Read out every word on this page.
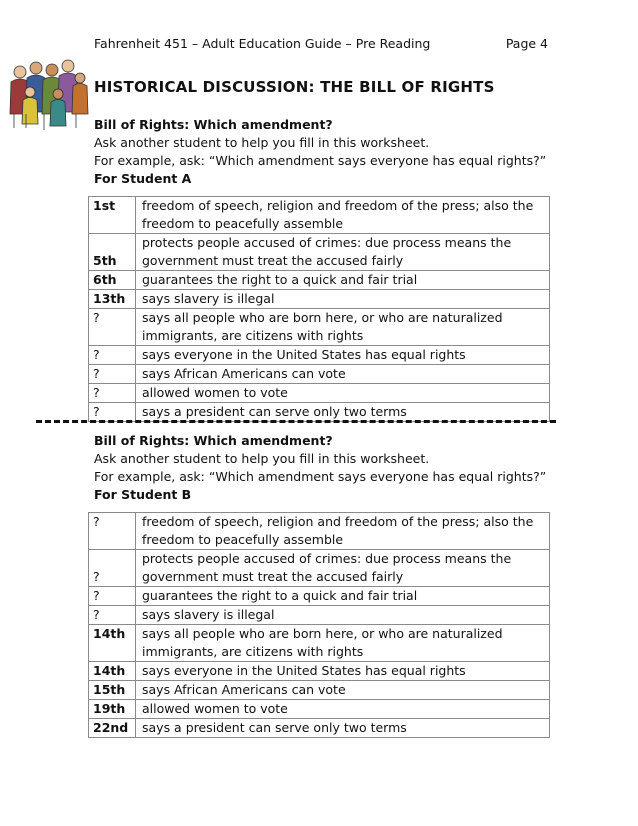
Fahrenheit 451 – Adult Education Guide – Pre Reading	Page 4
HISTORICAL DISCUSSION: THE BILL OF RIGHTS
Bill of Rights: Which amendment?
Ask another student to help you fill in this worksheet.
For example, ask: “Which amendment says everyone has equal rights?”
For Student A
1st	freedom of speech, religion and freedom of the press; also the
freedom to peacefully assemble

5th	protects people accused of crimes: due process means the
government must treat the accused fairly

6th	guarantees the right to a quick and fair trial
13th	says slavery is illegal
?	says all people who are born here, or who are naturalized
immigrants, are citizens with rights

?	says everyone in the United States has equal rights
?	says African Americans can vote
?	allowed women to vote
?	says a president can serve only two terms
Bill of Rights: Which amendment?
Ask another student to help you fill in this worksheet.
For example, ask: “Which amendment says everyone has equal rights?”
For Student B
?	freedom of speech, religion and freedom of the press; also the
freedom to peacefully assemble

?	protects people accused of crimes: due process means the
government must treat the accused fairly

?	guarantees the right to a quick and fair trial
?	says slavery is illegal
14th	says all people who are born here, or who are naturalized
immigrants, are citizens with rights

14th	says everyone in the United States has equal rights
15th	says African Americans can vote
19th	allowed women to vote
22nd	says a president can serve only two terms
